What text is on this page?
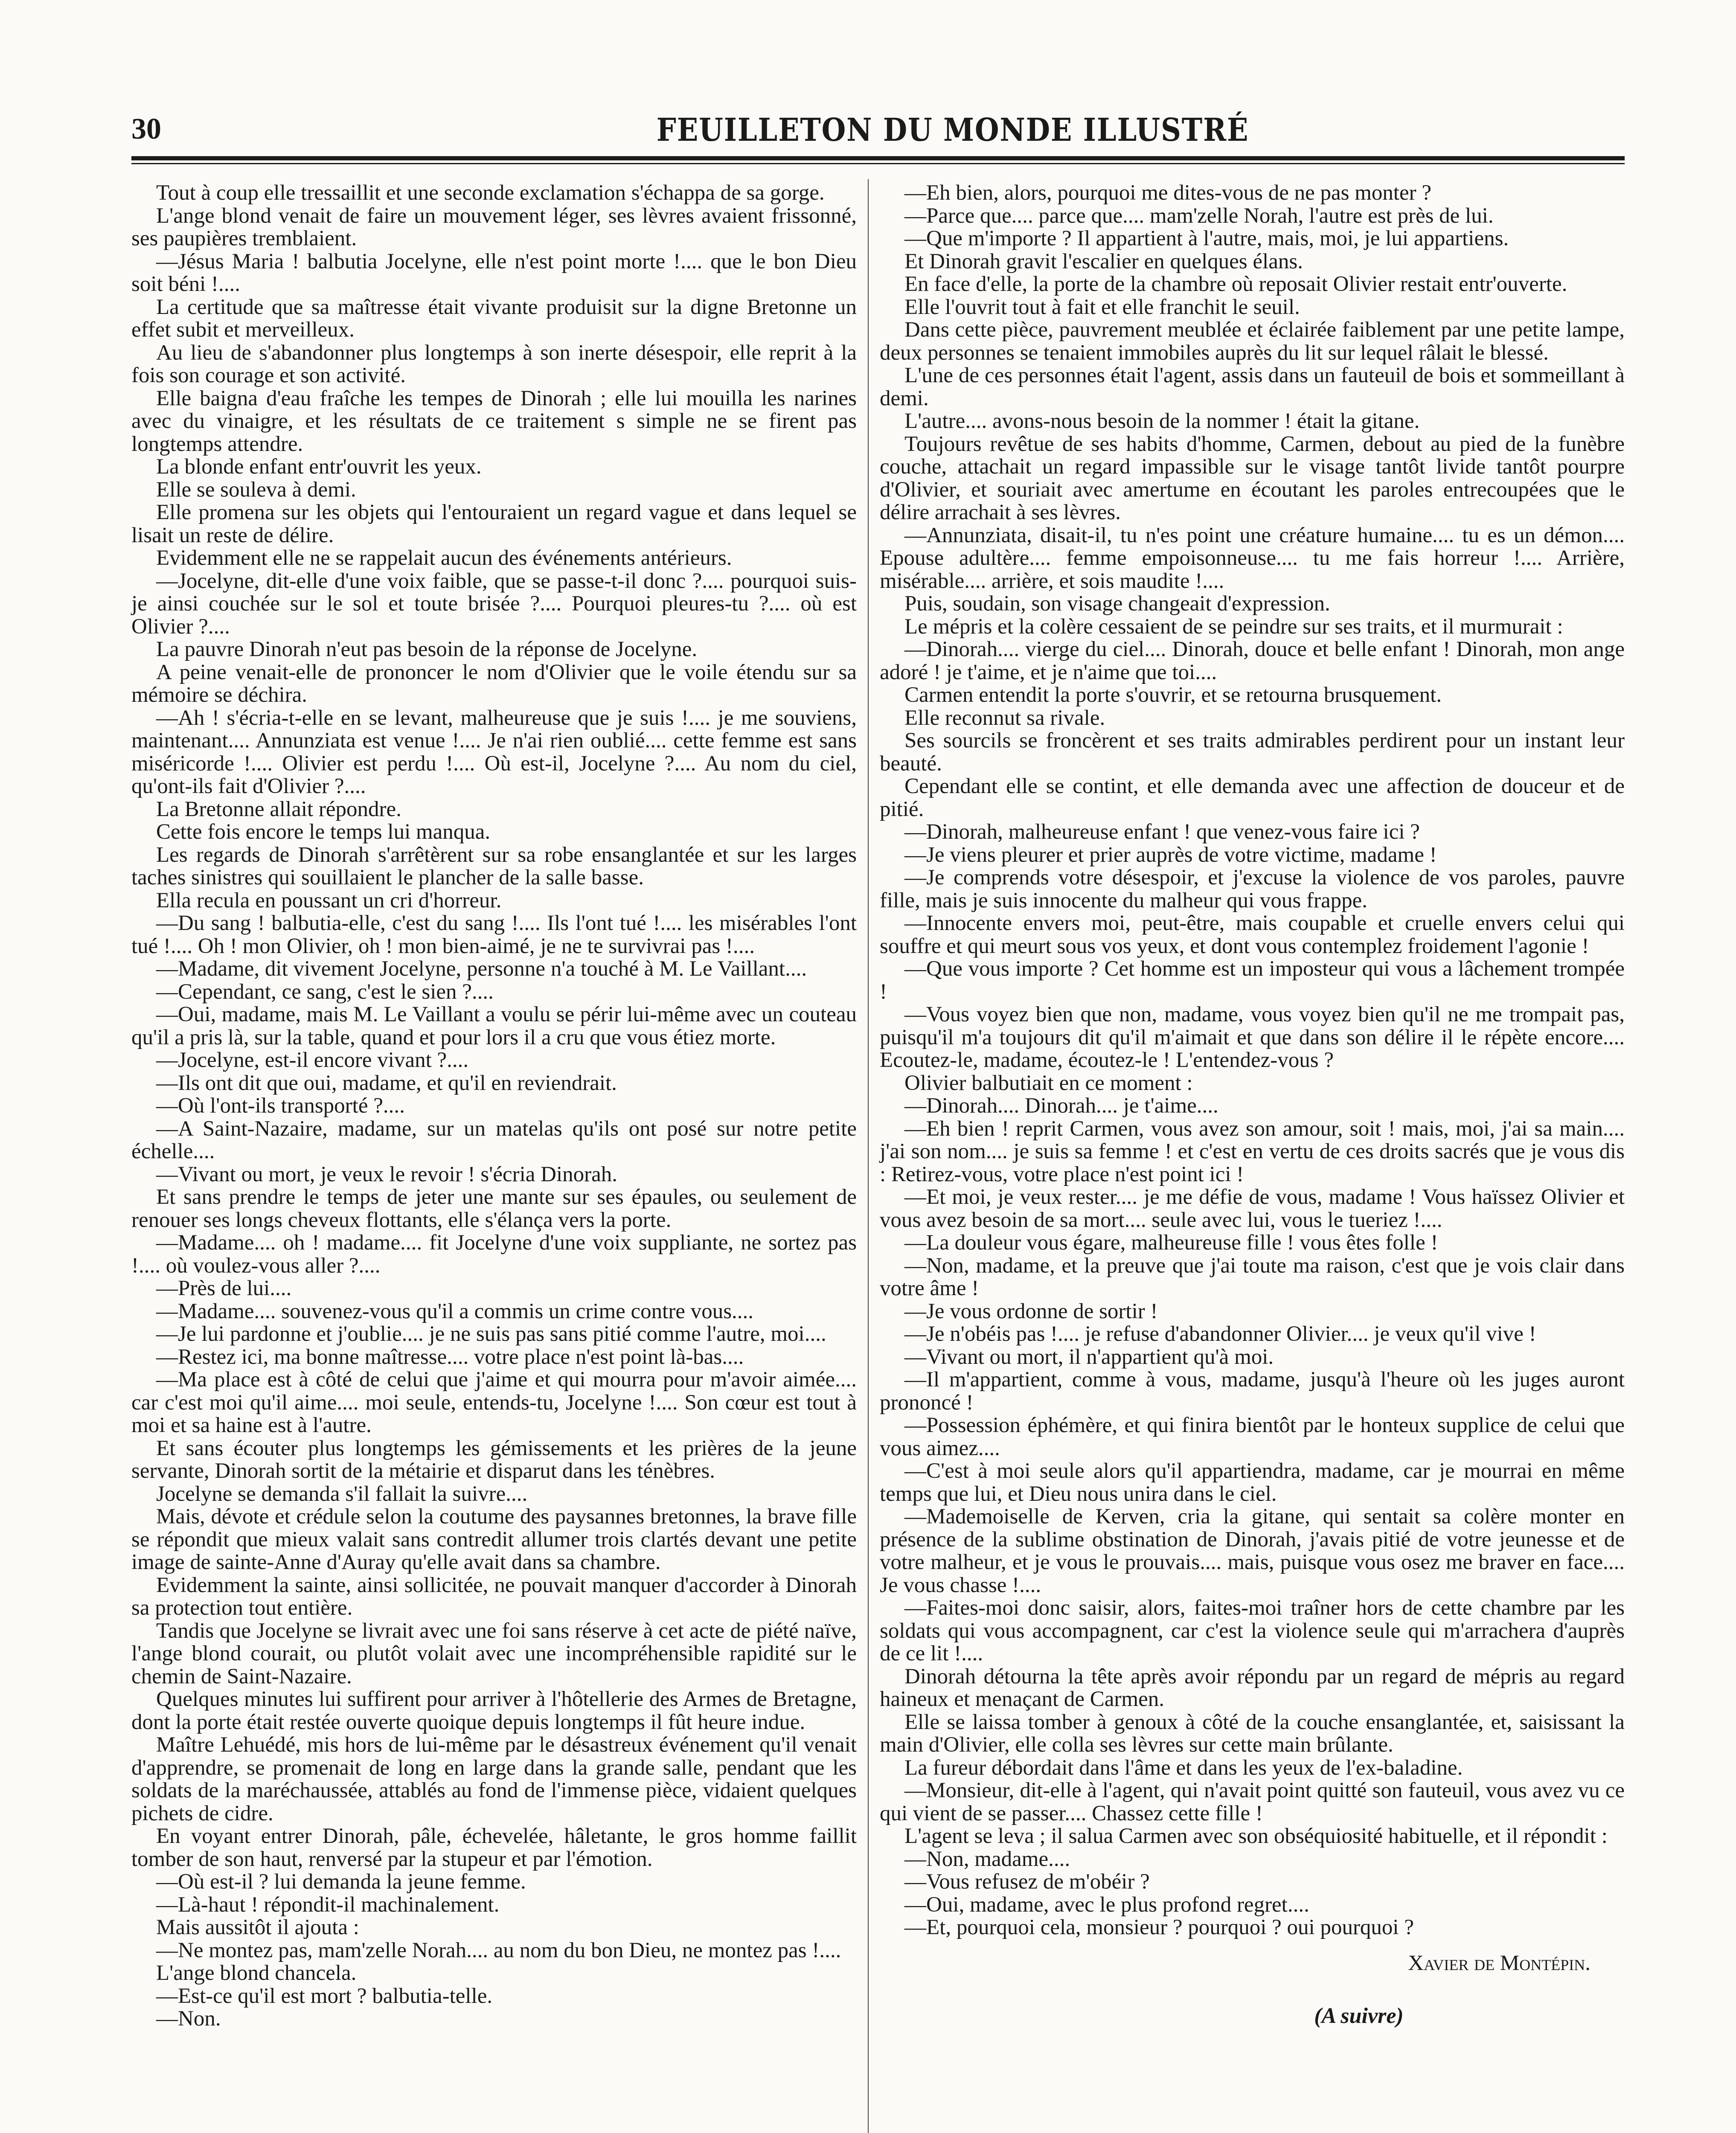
30	FEUILLETON DU MONDE ILLUSTRÉ

Tout à coup elle tressaillit et une seconde exclamation s'échappa de sa gorge.

L'ange blond venait de faire un mouvement léger, ses lèvres avaient frissonné, ses paupières tremblaient.

—Jésus Maria ! balbutia Jocelyne, elle n'est point morte !.... que le bon Dieu soit béni !....

La certitude que sa maîtresse était vivante produisit sur la digne Bretonne un effet subit et merveilleux.

Au lieu de s'abandonner plus longtemps à son inerte désespoir, elle reprit à la fois son courage et son activité.

Elle baigna d'eau fraîche les tempes de Dinorah ; elle lui mouilla les narines avec du vinaigre, et les résultats de ce traitement s simple ne se firent pas longtemps attendre.

La blonde enfant entr'ouvrit les yeux.

Elle se souleva à demi.

Elle promena sur les objets qui l'entouraient un regard vague et dans lequel se lisait un reste de délire.

Evidemment elle ne se rappelait aucun des événements antérieurs.

—Jocelyne, dit-elle d'une voix faible, que se passe-t-il donc ?.... pourquoi suis-je ainsi couchée sur le sol et toute brisée ?.... Pourquoi pleures-tu ?.... où est Olivier ?....

La pauvre Dinorah n'eut pas besoin de la réponse de Jocelyne.

A peine venait-elle de prononcer le nom d'Olivier que le voile étendu sur sa mémoire se déchira.

—Ah ! s'écria-t-elle en se levant, malheureuse que je suis !.... je me souviens, maintenant.... Annunziata est venue !.... Je n'ai rien oublié.... cette femme est sans miséricorde !.... Olivier est perdu !.... Où est-il, Jocelyne ?.... Au nom du ciel, qu'ont-ils fait d'Olivier ?....

La Bretonne allait répondre.

Cette fois encore le temps lui manqua.

Les regards de Dinorah s'arrêtèrent sur sa robe ensanglantée et sur les larges taches sinistres qui souillaient le plancher de la salle basse.

Ella recula en poussant un cri d'horreur.

—Du sang ! balbutia-elle, c'est du sang !.... Ils l'ont tué !.... les misérables l'ont tué !.... Oh ! mon Olivier, oh ! mon bien-aimé, je ne te survivrai pas !....

—Madame, dit vivement Jocelyne, personne n'a touché à M. Le Vaillant....

—Cependant, ce sang, c'est le sien ?....

—Oui, madame, mais M. Le Vaillant a voulu se périr lui-même avec un couteau qu'il a pris là, sur la table, quand et pour lors il a cru que vous étiez morte.

—Jocelyne, est-il encore vivant ?....

—Ils ont dit que oui, madame, et qu'il en reviendrait.

—Où l'ont-ils transporté ?....

—A Saint-Nazaire, madame, sur un matelas qu'ils ont posé sur notre petite échelle....

—Vivant ou mort, je veux le revoir ! s'écria Dinorah.

Et sans prendre le temps de jeter une mante sur ses épaules, ou seulement de renouer ses longs cheveux flottants, elle s'élança vers la porte.

—Madame.... oh ! madame.... fit Jocelyne d'une voix suppliante, ne sortez pas !.... où voulez-vous aller ?....

—Près de lui....

—Madame.... souvenez-vous qu'il a commis un crime contre vous....

—Je lui pardonne et j'oublie.... je ne suis pas sans pitié comme l'autre, moi....

—Restez ici, ma bonne maîtresse.... votre place n'est point là-bas....

—Ma place est à côté de celui que j'aime et qui mourra pour m'avoir aimée.... car c'est moi qu'il aime.... moi seule, entends-tu, Jocelyne !.... Son cœur est tout à moi et sa haine est à l'autre.

Et sans écouter plus longtemps les gémissements et les prières de la jeune servante, Dinorah sortit de la métairie et disparut dans les ténèbres.

Jocelyne se demanda s'il fallait la suivre....

Mais, dévote et crédule selon la coutume des paysannes bretonnes, la brave fille se répondit que mieux valait sans contredit allumer trois clartés devant une petite image de sainte-Anne d'Auray qu'elle avait dans sa chambre.

Evidemment la sainte, ainsi sollicitée, ne pouvait manquer d'accorder à Dinorah sa protection tout entière.

Tandis que Jocelyne se livrait avec une foi sans réserve à cet acte de piété naïve, l'ange blond courait, ou plutôt volait avec une incompréhensible rapidité sur le chemin de Saint-Nazaire.

Quelques minutes lui suffirent pour arriver à l'hôtellerie des Armes de Bretagne, dont la porte était restée ouverte quoique depuis longtemps il fût heure indue.

Maître Lehuédé, mis hors de lui-même par le désastreux événement qu'il venait d'apprendre, se promenait de long en large dans la grande salle, pendant que les soldats de la maréchaussée, attablés au fond de l'immense pièce, vidaient quelques pichets de cidre.

En voyant entrer Dinorah, pâle, échevelée, hâletante, le gros homme faillit tomber de son haut, renversé par la stupeur et par l'émotion.

—Où est-il ? lui demanda la jeune femme.

—Là-haut ! répondit-il machinalement.

Mais aussitôt il ajouta :

—Ne montez pas, mam'zelle Norah.... au nom du bon Dieu, ne montez pas !....

L'ange blond chancela.

—Est-ce qu'il est mort ? balbutia-telle.

—Non.

—Eh bien, alors, pourquoi me dites-vous de ne pas monter ?

—Parce que.... parce que.... mam'zelle Norah, l'autre est près de lui.

—Que m'importe ? Il appartient à l'autre, mais, moi, je lui appartiens.

Et Dinorah gravit l'escalier en quelques élans.

En face d'elle, la porte de la chambre où reposait Olivier restait entr'ouverte.

Elle l'ouvrit tout à fait et elle franchit le seuil.

Dans cette pièce, pauvrement meublée et éclairée faiblement par une petite lampe, deux personnes se tenaient immobiles auprès du lit sur lequel râlait le blessé.

L'une de ces personnes était l'agent, assis dans un fauteuil de bois et sommeillant à demi.

L'autre.... avons-nous besoin de la nommer ! était la gitane.

Toujours revêtue de ses habits d'homme, Carmen, debout au pied de la funèbre couche, attachait un regard impassible sur le visage tantôt livide tantôt pourpre d'Olivier, et souriait avec amertume en écoutant les paroles entrecoupées que le délire arrachait à ses lèvres.

—Annunziata, disait-il, tu n'es point une créature humaine.... tu es un démon.... Epouse adultère.... femme empoisonneuse.... tu me fais horreur !.... Arrière, misérable.... arrière, et sois maudite !....

Puis, soudain, son visage changeait d'expression.

Le mépris et la colère cessaient de se peindre sur ses traits, et il murmurait :

—Dinorah.... vierge du ciel.... Dinorah, douce et belle enfant ! Dinorah, mon ange adoré ! je t'aime, et je n'aime que toi....

Carmen entendit la porte s'ouvrir, et se retourna brusquement.

Elle reconnut sa rivale.

Ses sourcils se froncèrent et ses traits admirables perdirent pour un instant leur beauté.

Cependant elle se contint, et elle demanda avec une affection de douceur et de pitié.

—Dinorah, malheureuse enfant ! que venez-vous faire ici ?

—Je viens pleurer et prier auprès de votre victime, madame !

—Je comprends votre désespoir, et j'excuse la violence de vos paroles, pauvre fille, mais je suis innocente du malheur qui vous frappe.

—Innocente envers moi, peut-être, mais coupable et cruelle envers celui qui souffre et qui meurt sous vos yeux, et dont vous contemplez froidement l'agonie !

—Que vous importe ? Cet homme est un imposteur qui vous a lâchement trompée !

—Vous voyez bien que non, madame, vous voyez bien qu'il ne me trompait pas, puisqu'il m'a toujours dit qu'il m'aimait et que dans son délire il le répète encore.... Ecoutez-le, madame, écoutez-le ! L'entendez-vous ?

Olivier balbutiait en ce moment :

—Dinorah.... Dinorah.... je t'aime....

—Eh bien ! reprit Carmen, vous avez son amour, soit ! mais, moi, j'ai sa main.... j'ai son nom.... je suis sa femme ! et c'est en vertu de ces droits sacrés que je vous dis : Retirez-vous, votre place n'est point ici !

—Et moi, je veux rester.... je me défie de vous, madame ! Vous haïssez Olivier et vous avez besoin de sa mort.... seule avec lui, vous le tueriez !....

—La douleur vous égare, malheureuse fille ! vous êtes folle !

—Non, madame, et la preuve que j'ai toute ma raison, c'est que je vois clair dans votre âme !

—Je vous ordonne de sortir !

—Je n'obéis pas !.... je refuse d'abandonner Olivier.... je veux qu'il vive !

—Vivant ou mort, il n'appartient qu'à moi.

—Il m'appartient, comme à vous, madame, jusqu'à l'heure où les juges auront prononcé !

—Possession éphémère, et qui finira bientôt par le honteux supplice de celui que vous aimez....

—C'est à moi seule alors qu'il appartiendra, madame, car je mourrai en même temps que lui, et Dieu nous unira dans le ciel.

—Mademoiselle de Kerven, cria la gitane, qui sentait sa colère monter en présence de la sublime obstination de Dinorah, j'avais pitié de votre jeunesse et de votre malheur, et je vous le prouvais.... mais, puisque vous osez me braver en face.... Je vous chasse !....

—Faites-moi donc saisir, alors, faites-moi traîner hors de cette chambre par les soldats qui vous accompagnent, car c'est la violence seule qui m'arrachera d'auprès de ce lit !....

Dinorah détourna la tête après avoir répondu par un regard de mépris au regard haineux et menaçant de Carmen.

Elle se laissa tomber à genoux à côté de la couche ensanglantée, et, saisissant la main d'Olivier, elle colla ses lèvres sur cette main brûlante.

La fureur débordait dans l'âme et dans les yeux de l'ex-baladine.

—Monsieur, dit-elle à l'agent, qui n'avait point quitté son fauteuil, vous avez vu ce qui vient de se passer.... Chassez cette fille !

L'agent se leva ; il salua Carmen avec son obséquiosité habituelle, et il répondit :

—Non, madame....

—Vous refusez de m'obéir ?

—Oui, madame, avec le plus profond regret....

—Et, pourquoi cela, monsieur ? pourquoi ? oui pourquoi ?

Xavier de Montépin.

(A suivre)
